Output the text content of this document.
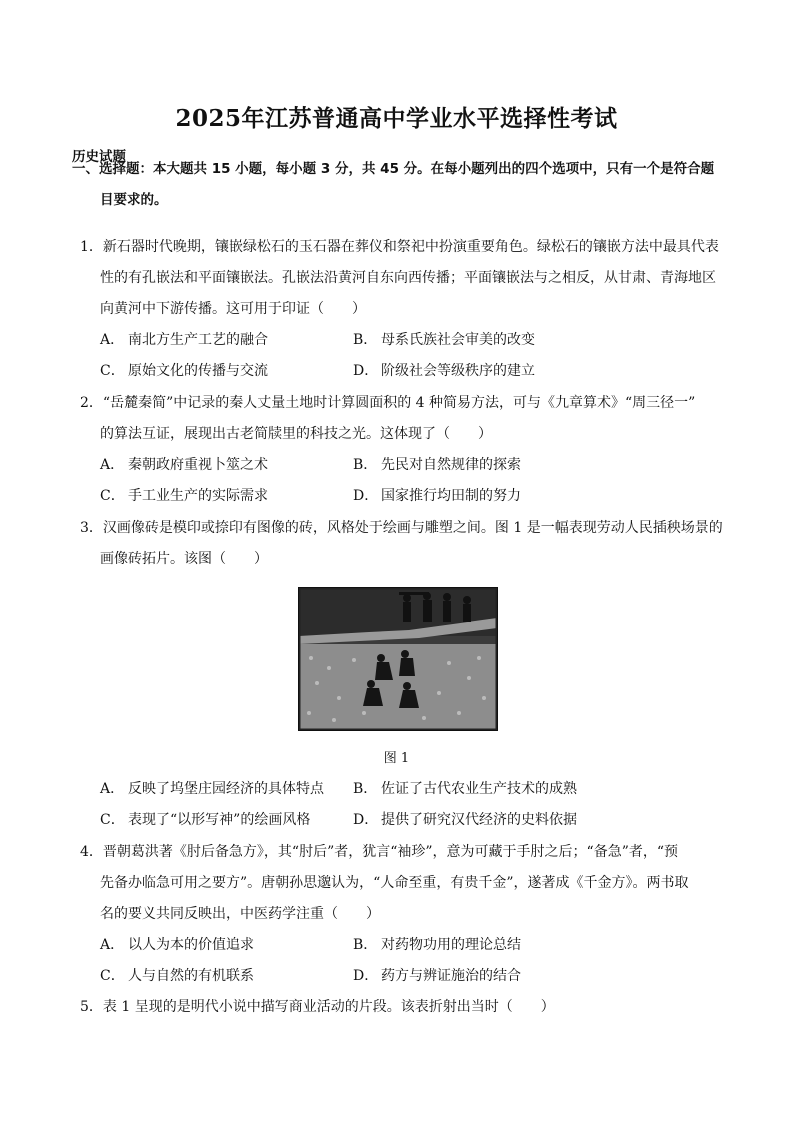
2025年江苏普通高中学业水平选择性考试
历史试题
一、选择题：本大题共 15 小题，每小题 3 分，共 45 分。在每小题列出的四个选项中，只有一个是符合题
目要求的。
1．新石器时代晚期，镶嵌绿松石的玉石器在葬仪和祭祀中扮演重要角色。绿松石的镶嵌方法中最具代表
性的有孔嵌法和平面镶嵌法。孔嵌法沿黄河自东向西传播；平面镶嵌法与之相反，从甘肃、青海地区
向黄河中下游传播。这可用于印证（　　）
A． 南北方生产工艺的融合	B． 母系氏族社会审美的改变
C． 原始文化的传播与交流	D． 阶级社会等级秩序的建立
2．“岳麓秦简”中记录的秦人丈量土地时计算圆面积的 4 种简易方法，可与《九章算术》“周三径一”
的算法互证，展现出古老简牍里的科技之光。这体现了（　　）
A． 秦朝政府重视卜筮之术	B． 先民对自然规律的探索
C． 手工业生产的实际需求	D． 国家推行均田制的努力
3．汉画像砖是模印或捺印有图像的砖，风格处于绘画与雕塑之间。图 1 是一幅表现劳动人民插秧场景的
画像砖拓片。该图（　　）
图 1
A． 反映了坞堡庄园经济的具体特点 B． 佐证了古代农业生产技术的成熟
C． 表现了“以形写神”的绘画风格	D． 提供了研究汉代经济的史料依据
4．晋朝葛洪著《肘后备急方》，其“肘后”者，犹言“袖珍”，意为可藏于手肘之后；“备急”者，“预
先备办临急可用之要方”。唐朝孙思邈认为，“人命至重，有贵千金”，遂著成《千金方》。两书取
名的要义共同反映出，中医药学注重（　　）
A． 以人为本的价值追求	B． 对药物功用的理论总结
C． 人与自然的有机联系	D． 药方与辨证施治的结合
5．表 1 呈现的是明代小说中描写商业活动的片段。该表折射出当时（　　）
